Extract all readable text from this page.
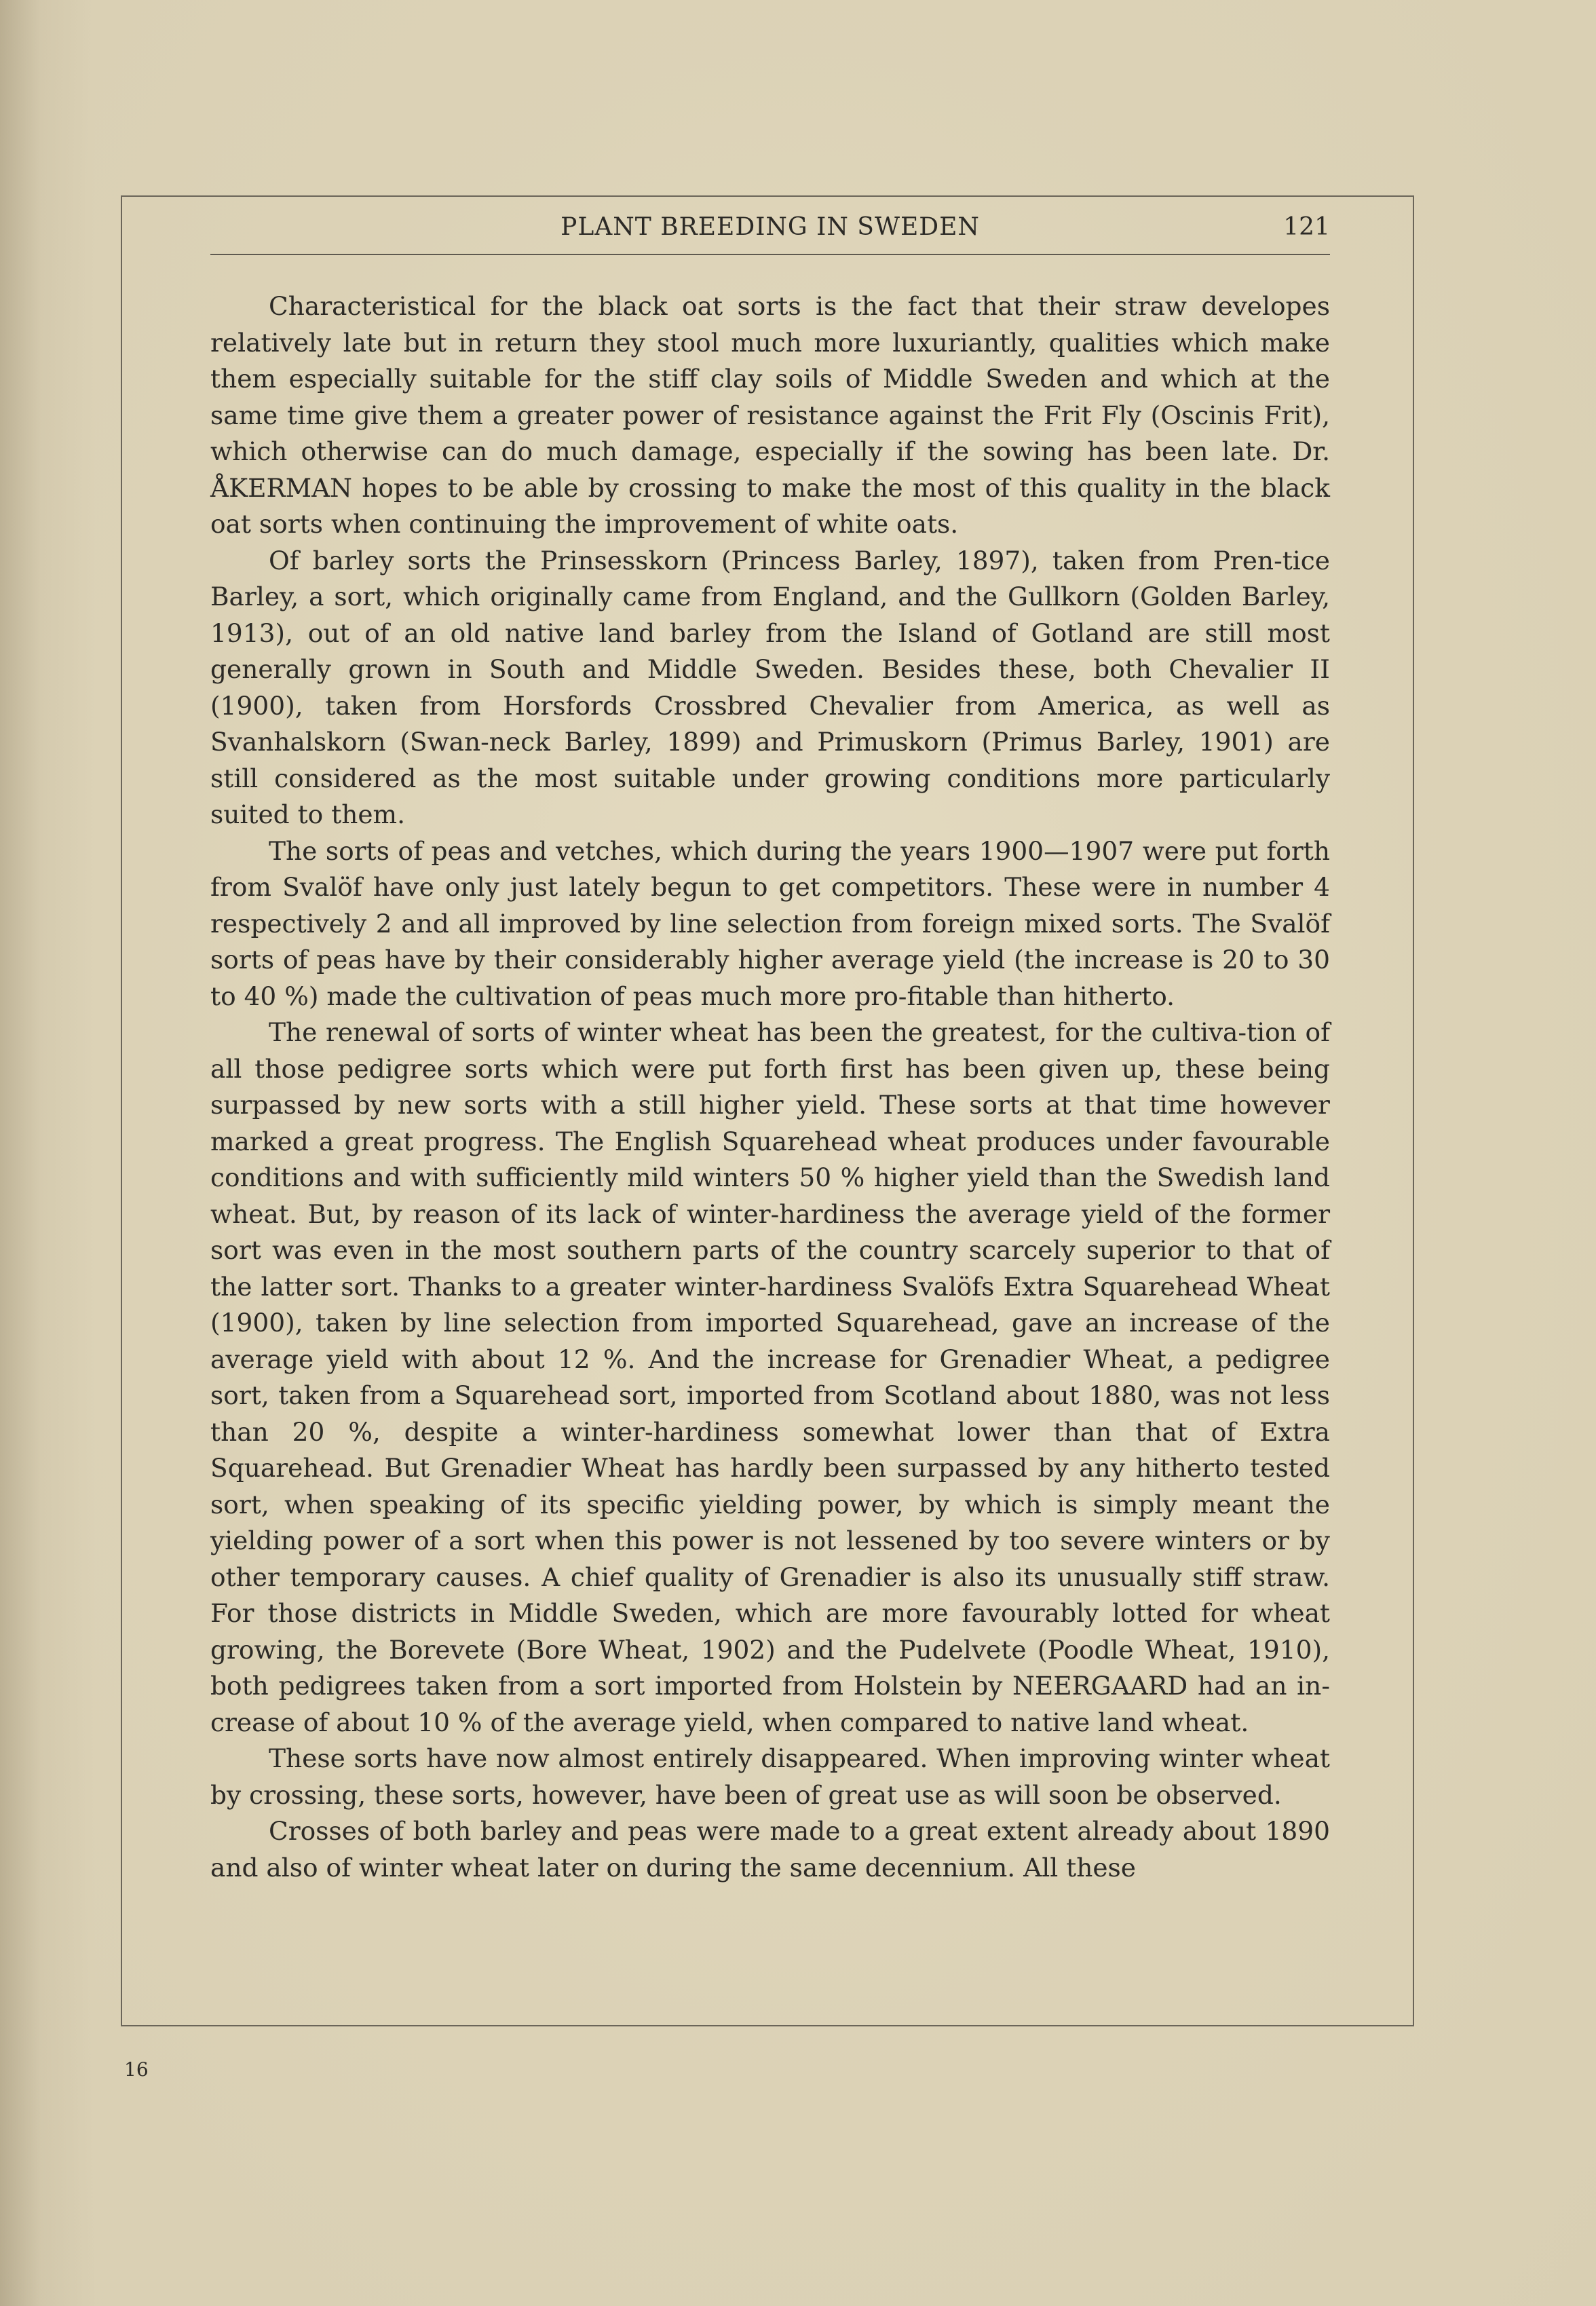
PLANT BREEDING IN SWEDEN	121

Characteristical for the black oat sorts is the fact that their straw developes relatively late but in return they stool much more luxuriantly, qualities which make them especially suitable for the stiff clay soils of Middle Sweden and which at the same time give them a greater power of resistance against the Frit Fly (Oscinis Frit), which otherwise can do much damage, especially if the sowing has been late. Dr. ÅKERMAN hopes to be able by crossing to make the most of this quality in the black oat sorts when continuing the improvement of white oats.

Of barley sorts the Prinsesskorn (Princess Barley, 1897), taken from Pren-tice Barley, a sort, which originally came from England, and the Gullkorn (Golden Barley, 1913), out of an old native land barley from the Island of Gotland are still most generally grown in South and Middle Sweden. Besides these, both Chevalier II (1900), taken from Horsfords Crossbred Chevalier from America, as well as Svanhalskorn (Swan-neck Barley, 1899) and Primuskorn (Primus Barley, 1901) are still considered as the most suitable under growing conditions more particularly suited to them.

The sorts of peas and vetches, which during the years 1900—1907 were put forth from Svalöf have only just lately begun to get competitors. These were in number 4 respectively 2 and all improved by line selection from foreign mixed sorts. The Svalöf sorts of peas have by their considerably higher average yield (the increase is 20 to 30 to 40 %) made the cultivation of peas much more pro-fitable than hitherto.

The renewal of sorts of winter wheat has been the greatest, for the cultiva-tion of all those pedigree sorts which were put forth first has been given up, these being surpassed by new sorts with a still higher yield. These sorts at that time however marked a great progress. The English Squarehead wheat produces under favourable conditions and with sufficiently mild winters 50 % higher yield than the Swedish land wheat. But, by reason of its lack of winter-hardiness the average yield of the former sort was even in the most southern parts of the country scarcely superior to that of the latter sort. Thanks to a greater winter-hardiness Svalöfs Extra Squarehead Wheat (1900), taken by line selection from imported Squarehead, gave an increase of the average yield with about 12 %. And the increase for Grenadier Wheat, a pedigree sort, taken from a Squarehead sort, imported from Scotland about 1880, was not less than 20 %, despite a winter-hardiness somewhat lower than that of Extra Squarehead. But Grenadier Wheat has hardly been surpassed by any hitherto tested sort, when speaking of its specific yielding power, by which is simply meant the yielding power of a sort when this power is not lessened by too severe winters or by other temporary causes. A chief quality of Grenadier is also its unusually stiff straw. For those districts in Middle Sweden, which are more favourably lotted for wheat growing, the Borevete (Bore Wheat, 1902) and the Pudelvete (Poodle Wheat, 1910), both pedigrees taken from a sort imported from Holstein by NEERGAARD had an in-crease of about 10 % of the average yield, when compared to native land wheat.

These sorts have now almost entirely disappeared. When improving winter wheat by crossing, these sorts, however, have been of great use as will soon be observed.

Crosses of both barley and peas were made to a great extent already about 1890 and also of winter wheat later on during the same decennium. All these

16
